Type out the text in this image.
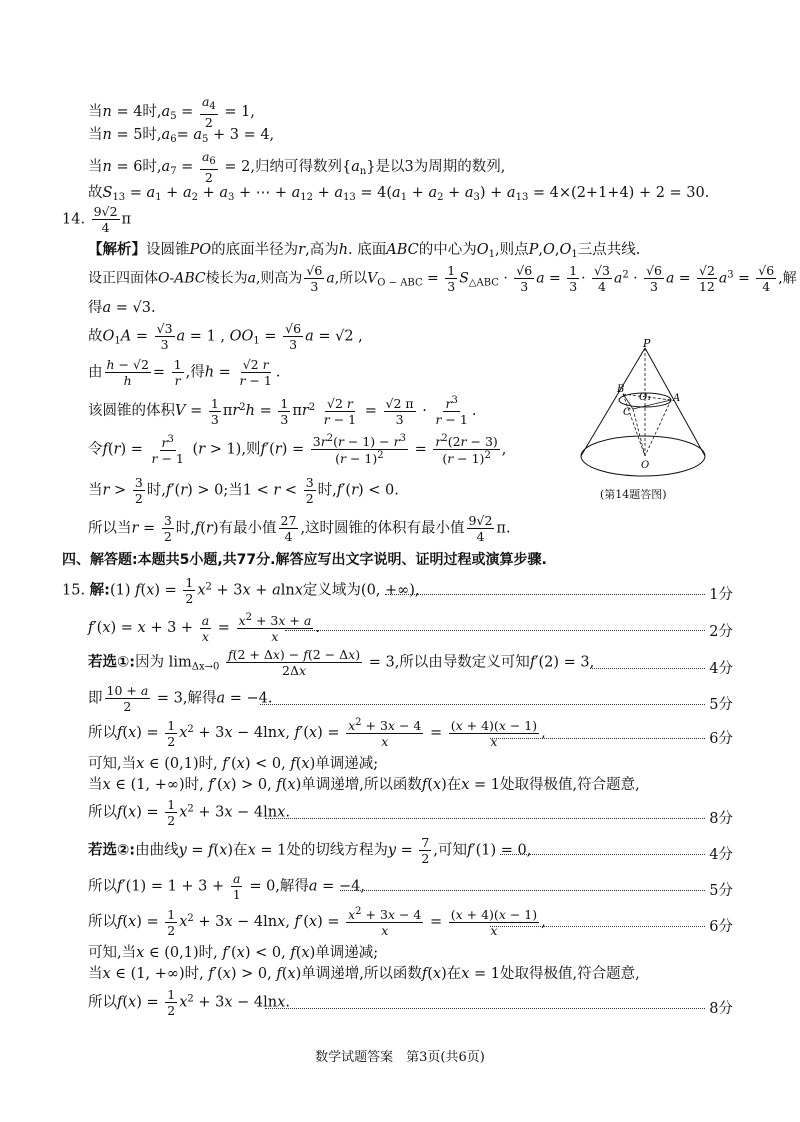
当n = 4时$,a_5 = \frac{a_4}{2} = 1$,
当n = 5时$,a_6= a_5 + 3 = 4$,
当n = 6时$,a_7 = \frac{a_6}{2} = 2$,归纳可得数列$\{a_n\}$是以3为周期的数列,
故$S_{13} = a_1 + a_2 + a_3$ + ⋯ + $a_{12} + a_{13} = 4(a_1 + a_2 + a_3) + a_{13} = 4\times(2+1+4) + 2 = 30$.
14. $\frac{9√2}{4}$ π
【解析】设圆锥PO的底面半径为r,高为h. 底面ABC的中心为$O_1$,则点$P,O,O_1$三点共线.
设正四面体O-ABC棱长为a,则高为 $\frac{√6}{3} a$,所以$V_{O - ABC} = \frac{1}{3} S_{\triangle ABC} \cdot \frac{√6}{3}$ $a = \frac{1}{3} \cdot \frac{√3}{4} a^2 \cdot \frac{√6}{3}$ $a = \frac{√2}{12} a^3 = \frac{√6}{4}$ ,解
得a = √3.
故$O_1A = \frac{√3}{3}$ a = 1 , $OO_1 = \frac{√6}{3}$ a = √2 ,
由 $\frac{h - √2}{h} = \frac{1}{r}$ ,得$h = \frac{√2 r}{r - 1}$ .
该圆锥的体积$V = \frac{1}{3} \pi r^2h = \frac{1}{3} \pi r^2 \frac{√2 r}{r - 1} = \frac{√2 \pi}{3} \cdot \frac{r^3}{r - 1}$ .
令$f(r) = \frac{r^3}{r - 1} (r > 1)$,则$f'(r) = \frac{3r^2(r - 1) - r^3}{(r - 1)^2} = \frac{r^2(2r - 3)}{(r - 1)^2}$ ,
当$r > \frac{3}{2}$ 时,f′(r) > 0;当$1 < r < \frac{3}{2}$ 时,f′(r) < 0.
所以当$r = \frac{3}{2}$ 时,f(r)有最小值 $\frac{27}{4}$ ,这时圆锥的体积有最小值 $\frac{9√2}{4} \pi$.
P
B
O₁ A
C
O
(第14题答图)
四、解答题:本题共5小题,共77分.解答应写出文字说明、证明过程或演算步骤.
15. 解:(1) $f(x) = \frac{1}{2} x^2 + 3x + alnx$定义域为(0, +∞),	1分
$f'(x) = x + 3 + \frac{a}{x} = \frac{x^2 + 3x + a}{x}$ .	2分
若选①:因为 $\lim_{\Delta x\to 0} \frac{f(2 + \Delta x) - f(2 - \Delta x)}{2\Delta x} = 3$,所以由导数定义可知f′(2) = 3,	4分
即 $\frac{10 + a}{2} = 3$,解得a = −4.	5分
所以$f(x) = \frac{1}{2} x^2 + 3x - 4\ln x$, $f'(x) = \frac{x^2 + 3x - 4}{x} = \frac{(x + 4)(x - 1)}{x}$ ,	6分
可知,当x ∈ (0,1)时, f′(x) < 0, f(x)单调递减;
当x ∈ (1, +∞)时, f′(x) > 0, f(x)单调递增,所以函数f(x)在x = 1处取得极值,符合题意,
所以$f(x) = \frac{1}{2} x^2 + 3x - 4\ln x$.	8分
若选②:由曲线y = f(x)在x = 1处的切线方程为$y = \frac{7}{2}$ ,可知f′(1) = 0,	4分
所以$f'(1) = 1 + 3 + \frac{a}{1} = 0$,解得a = −4,	5分
所以$f(x) = \frac{1}{2} x^2 + 3x - 4\ln x$, $f'(x) = \frac{x^2 + 3x - 4}{x} = \frac{(x + 4)(x - 1)}{x}$ ,	6分
可知,当x ∈ (0,1)时, f′(x) < 0, f(x)单调递减;
当x ∈ (1, +∞)时, f′(x) > 0, f(x)单调递增,所以函数f(x)在x = 1处取得极值,符合题意,
所以$f(x) = \frac{1}{2} x^2 + 3x - 4\ln x$.	8分
数学试题答案　第3页(共6页)
